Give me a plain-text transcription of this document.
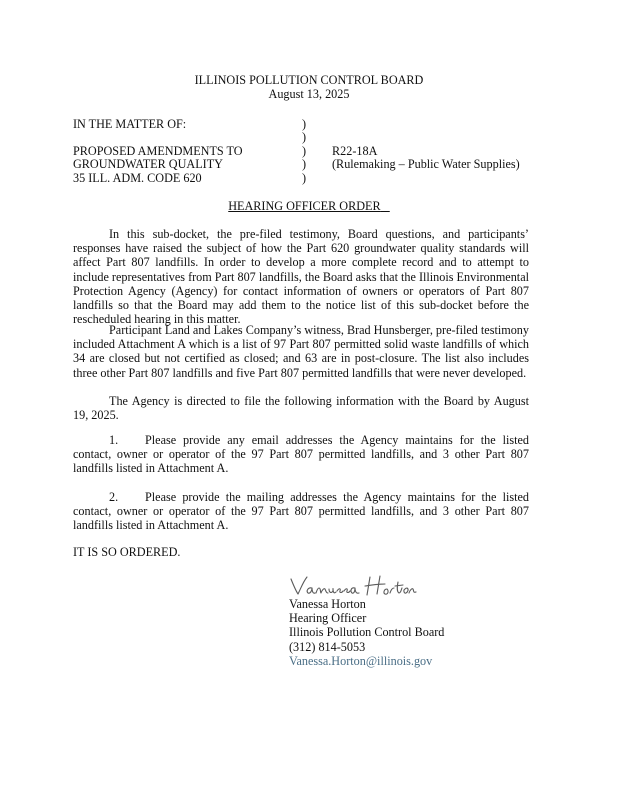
ILLINOIS POLLUTION CONTROL BOARD
August 13, 2025
IN THE MATTER OF:
PROPOSED AMENDMENTS TO
GROUNDWATER QUALITY
35 ILL. ADM. CODE 620
)
)
)
)
)
R22-18A
(Rulemaking – Public Water Supplies)
HEARING OFFICER ORDER
In this sub-docket, the pre-filed testimony, Board questions, and participants’ responses have raised the subject of how the Part 620 groundwater quality standards will affect Part 807 landfills. In order to develop a more complete record and to attempt to include representatives from Part 807 landfills, the Board asks that the Illinois Environmental Protection Agency (Agency) for contact information of owners or operators of Part 807 landfills so that the Board may add them to the notice list of this sub-docket before the rescheduled hearing in this matter.
Participant Land and Lakes Company’s witness, Brad Hunsberger, pre-filed testimony included Attachment A which is a list of 97 Part 807 permitted solid waste landfills of which 34 are closed but not certified as closed; and 63 are in post-closure. The list also includes three other Part 807 landfills and five Part 807 permitted landfills that were never developed.
The Agency is directed to file the following information with the Board by August 19, 2025.
1. Please provide any email addresses the Agency maintains for the listed contact, owner or operator of the 97 Part 807 permitted landfills, and 3 other Part 807 landfills listed in Attachment A.
2. Please provide the mailing addresses the Agency maintains for the listed contact, owner or operator of the 97 Part 807 permitted landfills, and 3 other Part 807 landfills listed in Attachment A.
IT IS SO ORDERED.
Vanessa Horton
Hearing Officer
Illinois Pollution Control Board
(312) 814-5053
Vanessa.Horton@illinois.gov
